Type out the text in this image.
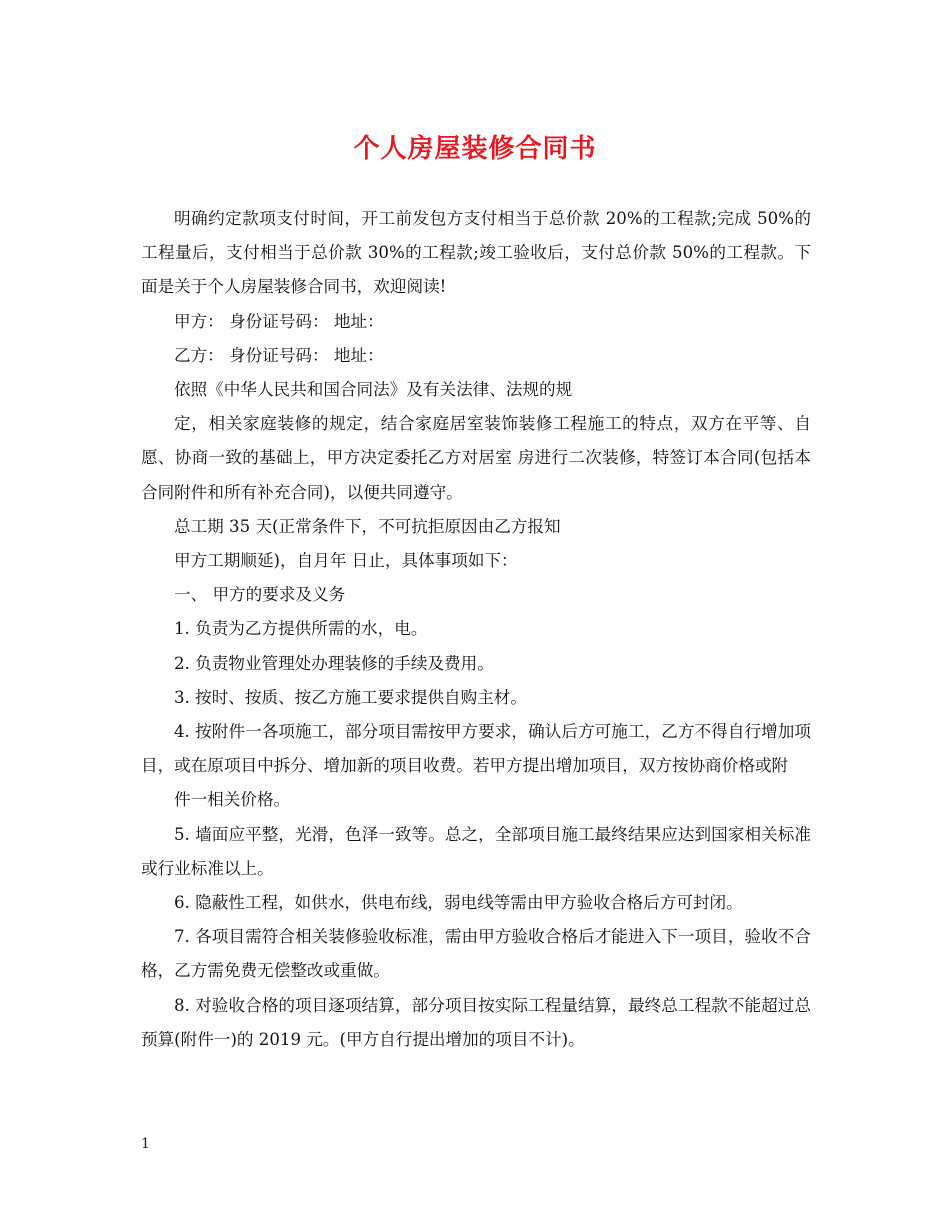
个人房屋装修合同书

明确约定款项支付时间，开工前发包方支付相当于总价款 20%的工程款;完成 50%的工程量后，支付相当于总价款 30%的工程款;竣工验收后，支付总价款 50%的工程款。下面是关于个人房屋装修合同书，欢迎阅读!

甲方： 身份证号码： 地址：

乙方： 身份证号码： 地址：

依照《中华人民共和国合同法》及有关法律、法规的规

定，相关家庭装修的规定，结合家庭居室装饰装修工程施工的特点，双方在平等、自愿、协商一致的基础上，甲方决定委托乙方对居室 房进行二次装修，特签订本合同(包括本合同附件和所有补充合同)，以便共同遵守。

总工期 35 天(正常条件下，不可抗拒原因由乙方报知

甲方工期顺延)，自月年 日止，具体事项如下：

一、 甲方的要求及义务

1. 负责为乙方提供所需的水，电。

2. 负责物业管理处办理装修的手续及费用。

3. 按时、按质、按乙方施工要求提供自购主材。

4. 按附件一各项施工，部分项目需按甲方要求，确认后方可施工，乙方不得自行增加项目，或在原项目中拆分、增加新的项目收费。若甲方提出增加项目，双方按协商价格或附

件一相关价格。

5. 墙面应平整，光滑，色泽一致等。总之，全部项目施工最终结果应达到国家相关标准或行业标准以上。

6. 隐蔽性工程，如供水，供电布线，弱电线等需由甲方验收合格后方可封闭。

7. 各项目需符合相关装修验收标准，需由甲方验收合格后才能进入下一项目，验收不合格，乙方需免费无偿整改或重做。

8. 对验收合格的项目逐项结算，部分项目按实际工程量结算，最终总工程款不能超过总预算(附件一)的 2019 元。(甲方自行提出增加的项目不计)。

1
